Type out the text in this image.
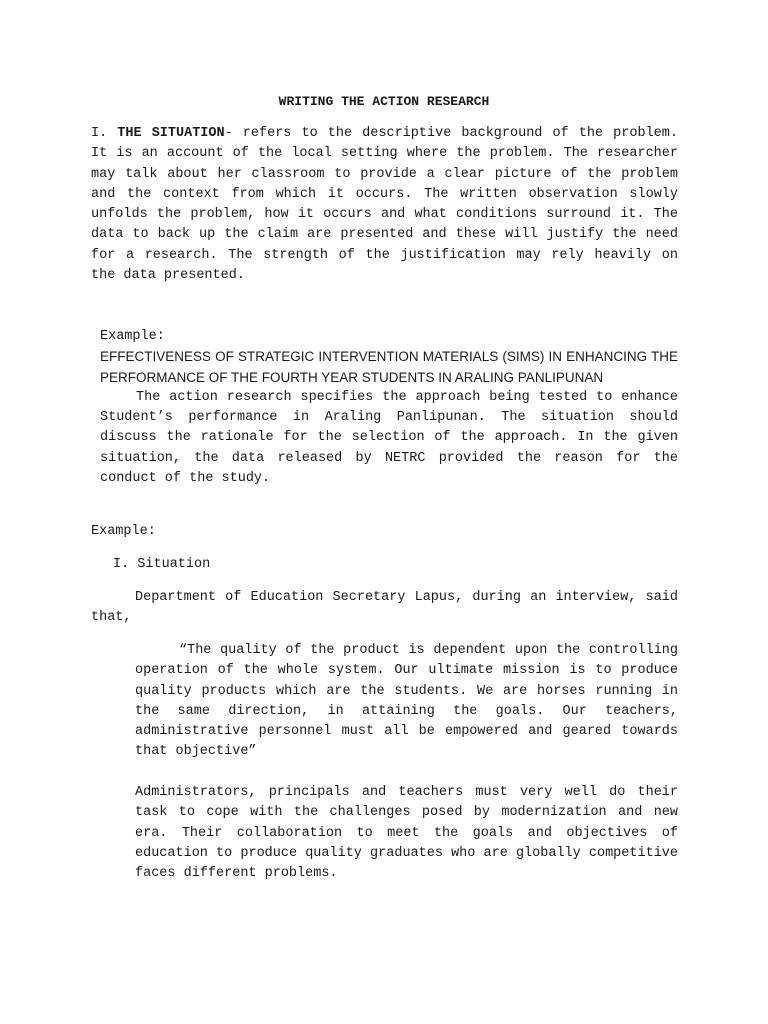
WRITING THE ACTION RESEARCH

I. THE SITUATION- refers to the descriptive background of the problem. It is an account of the local setting where the problem. The researcher may talk about her classroom to provide a clear picture of the problem and the context from which it occurs. The written observation slowly unfolds the problem, how it occurs and what conditions surround it. The data to back up the claim are presented and these will justify the need for a research. The strength of the justification may rely heavily on the data presented.

Example:
EFFECTIVENESS OF STRATEGIC INTERVENTION MATERIALS (SIMS) IN ENHANCING THE PERFORMANCE OF THE FOURTH YEAR STUDENTS IN ARALING PANLIPUNAN
The action research specifies the approach being tested to enhance Student’s performance in Araling Panlipunan. The situation should discuss the rationale for the selection of the approach. In the given situation, the data released by NETRC provided the reason for the conduct of the study.
Example:
I. Situation

Department of Education Secretary Lapus, during an interview, said that,

“The quality of the product is dependent upon the controlling operation of the whole system. Our ultimate mission is to produce quality products which are the students. We are horses running in the same direction, in attaining the goals. Our teachers, administrative personnel must all be empowered and geared towards that objective”

Administrators, principals and teachers must very well do their task to cope with the challenges posed by modernization and new era. Their collaboration to meet the goals and objectives of education to produce quality graduates who are globally competitive faces different problems.
